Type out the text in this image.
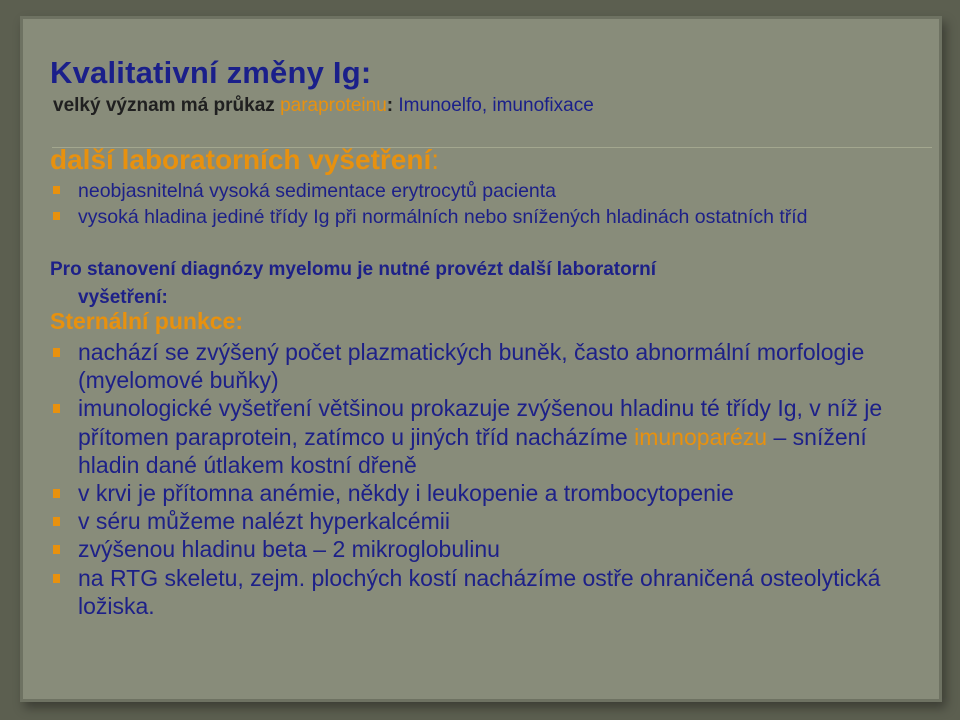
Kvalitativní změny Ig:
velký význam má průkaz paraproteinu: Imunoelfo, imunofixace
další laboratorních vyšetření:
neobjasnitelná vysoká sedimentace erytrocytů pacienta
vysoká hladina jediné třídy Ig při normálních nebo snížených hladinách ostatních tříd
Pro stanovení diagnózy myelomu je nutné provézt další laboratorní
vyšetření:
Sternální punkce:
nachází se zvýšený počet plazmatických buněk, často abnormální morfologie (myelomové buňky)
imunologické vyšetření většinou prokazuje zvýšenou hladinu té třídy Ig, v níž je přítomen paraprotein, zatímco u jiných tříd nacházíme imunoparézu – snížení hladin dané útlakem kostní dřeně
v krvi je přítomna anémie, někdy i leukopenie a trombocytopenie
v séru můžeme nalézt hyperkalcémii
zvýšenou hladinu beta – 2 mikroglobulinu
na RTG skeletu, zejm. plochých kostí nacházíme ostře ohraničená osteolytická ložiska.
